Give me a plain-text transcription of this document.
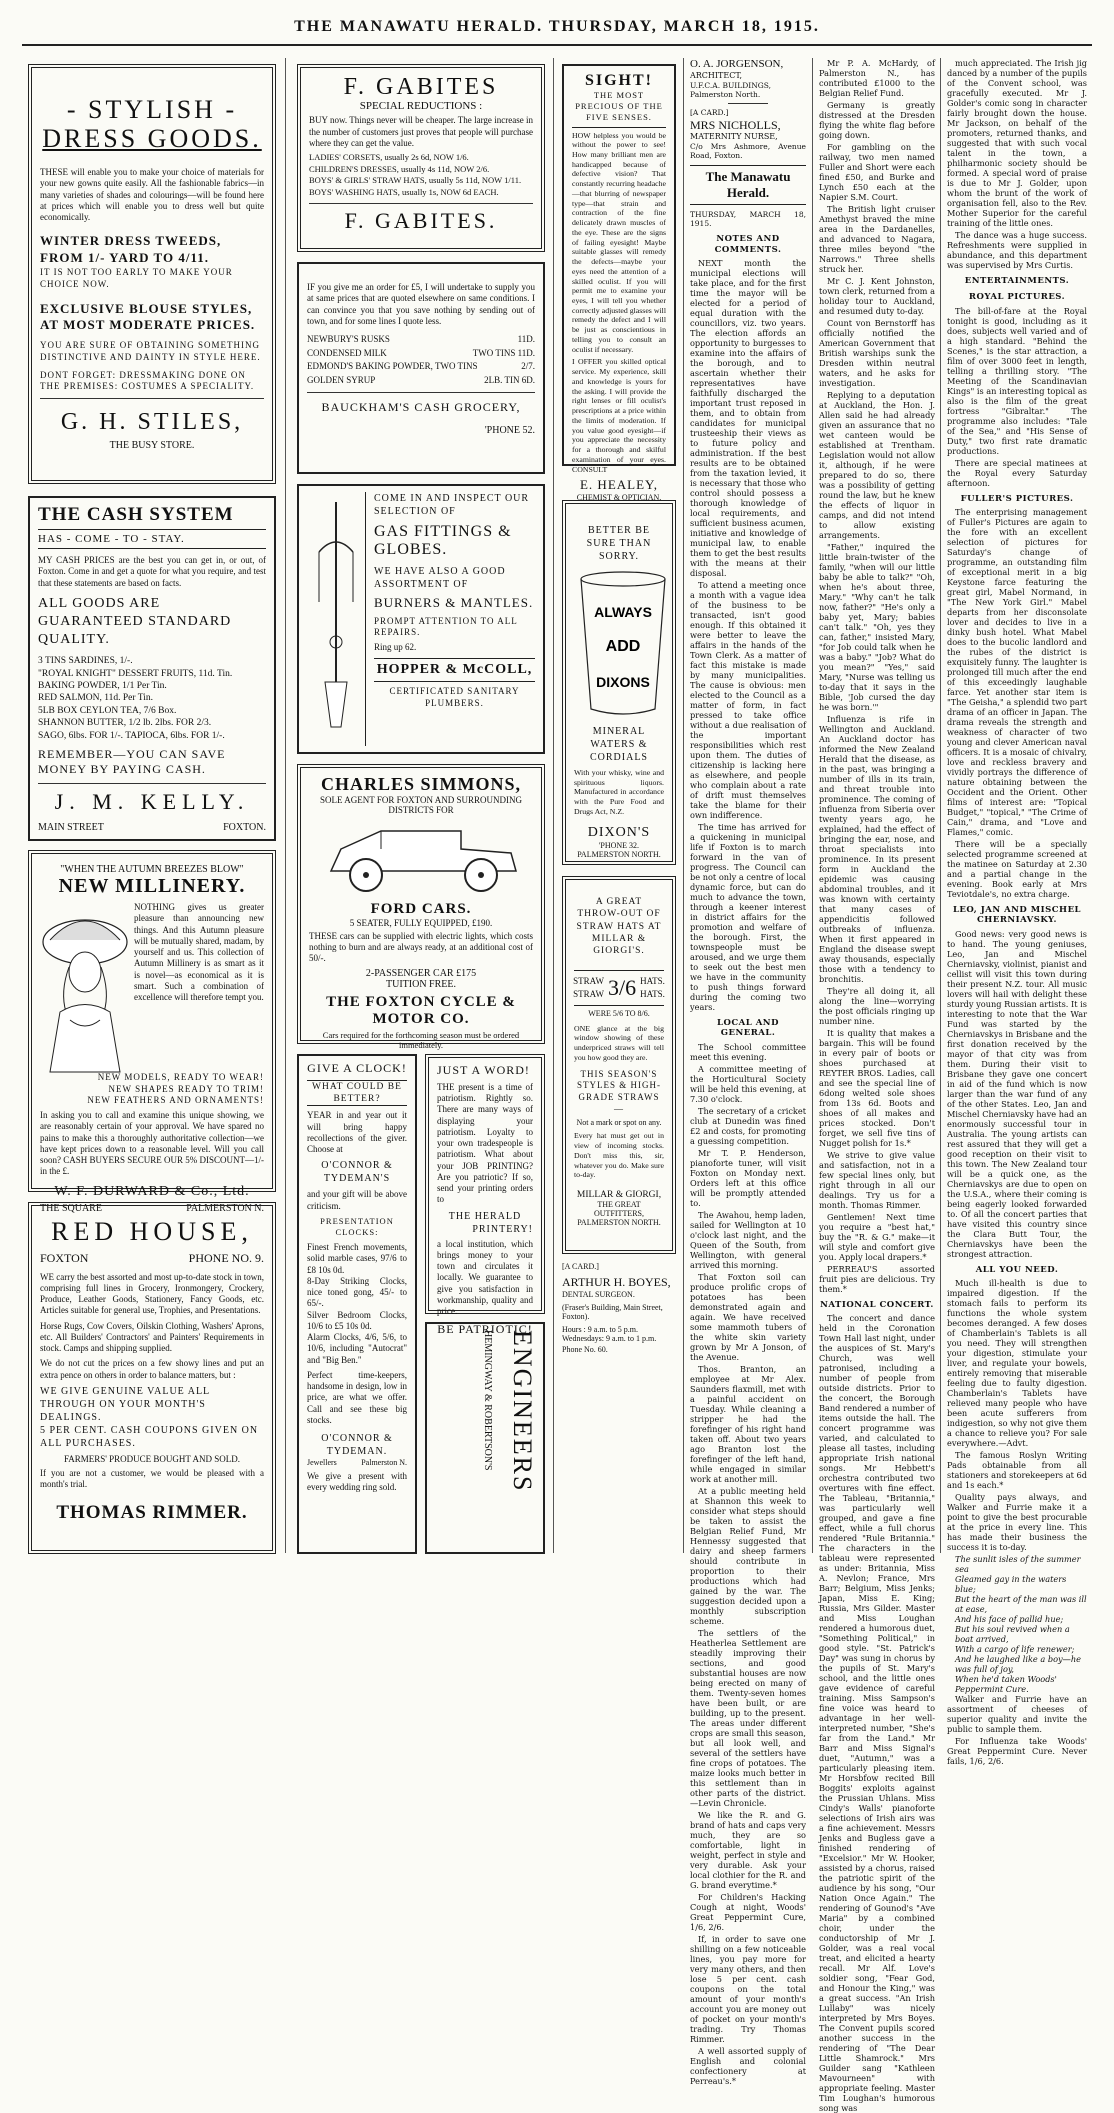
THE MANAWATU HERALD. THURSDAY, MARCH 18, 1915.
- STYLISH -
DRESS GOODS.
THESE will enable you to make your choice of materials for your new gowns quite easily. All the fashionable fabrics—in many varieties of shades and colourings—will be found here at prices which will enable you to dress well but quite economically.
WINTER DRESS TWEEDS, FROM 1/- YARD TO 4/11.
IT IS NOT TOO EARLY TO MAKE YOUR CHOICE NOW.
EXCLUSIVE BLOUSE STYLES, AT MOST MODERATE PRICES.
YOU ARE SURE OF OBTAINING SOMETHING DISTINCTIVE AND DAINTY IN STYLE HERE.
DONT FORGET: DRESSMAKING DONE ON THE PREMISES: COSTUMES A SPECIALITY.
G. H. STILES,
THE BUSY STORE.
THE CASH SYSTEM
HAS - COME - TO - STAY.
MY CASH PRICES are the best you can get in, or out, of Foxton. Come in and get a quote for what you require, and test that these statements are based on facts.
ALL GOODS ARE GUARANTEED STANDARD QUALITY.
3 TINS SARDINES, 1/-.
"ROYAL KNIGHT" DESSERT FRUITS, 11d. Tin.
BAKING POWDER, 1/1 Per Tin.
RED SALMON, 11d. Per Tin.
5LB BOX CEYLON TEA, 7/6 Box.
SHANNON BUTTER, 1/2 lb. 2lbs. FOR 2/3.
SAGO, 6lbs. FOR 1/-. TAPIOCA, 6lbs. FOR 1/-.
REMEMBER—YOU CAN SAVE MONEY BY PAYING CASH.
J. M. KELLY.
MAIN STREET	FOXTON.
"WHEN THE AUTUMN BREEZES BLOW"
NEW MILLINERY.
NOTHING gives us greater pleasure than announcing new things. And this Autumn pleasure will be mutually shared, madam, by yourself and us. This collection of Autumn Millinery is as smart as it is novel—as economical as it is smart. Such a combination of excellence will therefore tempt you.
NEW MODELS, READY TO WEAR!
NEW SHAPES READY TO TRIM!
NEW FEATHERS AND ORNAMENTS!
In asking you to call and examine this unique showing, we are reasonably certain of your approval. We have spared no pains to make this a thoroughly authoritative collection—we have kept prices down to a reasonable level. Will you call soon? CASH BUYERS SECURE OUR 5% DISCOUNT—1/- in the £.
W. F. DURWARD & Co., Ltd.
THE SQUARE	PALMERSTON N.
RED HOUSE,
FOXTON	PHONE NO. 9.
WE carry the best assorted and most up-to-date stock in town, comprising full lines in Grocery, Ironmongery, Crockery, Produce, Leather Goods, Stationery, Fancy Goods, etc. Articles suitable for general use, Trophies, and Presentations.
Horse Rugs, Cow Covers, Oilskin Clothing, Washers' Aprons, etc. All Builders' Contractors' and Painters' Requirements in stock. Camps and shipping supplied.
We do not cut the prices on a few showy lines and put an extra pence on others in order to balance matters, but :
WE GIVE GENUINE VALUE ALL THROUGH ON YOUR MONTH'S DEALINGS.
5 PER CENT. CASH COUPONS GIVEN ON ALL PURCHASES.
FARMERS' PRODUCE BOUGHT AND SOLD.
If you are not a customer, we would be pleased with a month's trial.
THOMAS RIMMER.
F. GABITES
SPECIAL REDUCTIONS :
BUY now. Things never will be cheaper. The large increase in the number of customers just proves that people will purchase where they can get the value.
LADIES' CORSETS, usually 2s 6d, NOW 1/6.
CHILDREN'S DRESSES, usually 4s 11d, NOW 2/6.
BOYS' & GIRLS' STRAW HATS, usually 5s 11d, NOW 1/11.
BOYS' WASHING HATS, usually 1s, NOW 6d EACH.
F. GABITES.
IF you give me an order for £5, I will undertake to supply you at same prices that are quoted elsewhere on same conditions. I can convince you that you save nothing by sending out of town, and for some lines I quote less.
NEWBURY'S RUSKS	11D.
CONDENSED MILK	TWO TINS 11D.
EDMOND'S BAKING POWDER, TWO TINS	2/7.
GOLDEN SYRUP	2LB. TIN 6D.
BAUCKHAM'S CASH GROCERY,
'PHONE 52.
COME IN AND INSPECT OUR SELECTION OF
GAS FITTINGS & GLOBES.
WE HAVE ALSO A GOOD ASSORTMENT OF
BURNERS & MANTLES.
PROMPT ATTENTION TO ALL REPAIRS.
Ring up 62.
HOPPER & McCOLL,
CERTIFICATED SANITARY PLUMBERS.
CHARLES SIMMONS,
SOLE AGENT FOR FOXTON AND SURROUNDING DISTRICTS FOR
FORD CARS.
5 SEATER, FULLY EQUIPPED, £190.
THESE cars can be supplied with electric lights, which costs nothing to burn and are always ready, at an additional cost of 50/-.
2-PASSENGER CAR £175
TUITION FREE.
THE FOXTON CYCLE & MOTOR CO.
Cars required for the forthcoming season must be ordered immediately.
GIVE A CLOCK!
WHAT COULD BE BETTER?
YEAR in and year out it will bring happy recollections of the giver. Choose at
O'CONNOR & TYDEMAN'S
and your gift will be above criticism.
PRESENTATION CLOCKS:
Finest French movements, solid marble cases, 97/6 to £8 10s 0d.
8-Day Striking Clocks, nice toned gong, 45/- to 65/-.
Silver Bedroom Clocks, 10/6 to £5 10s 0d.
Alarm Clocks, 4/6, 5/6, to 10/6, including "Autocrat" and "Big Ben."
Perfect time-keepers, handsome in design, low in price, are what we offer. Call and see these big stocks.
O'CONNOR & TYDEMAN.
Jewellers	Palmerston N.
We give a present with every wedding ring sold.
JUST A WORD!
THE present is a time of patriotism. Rightly so. There are many ways of displaying your patriotism. Loyalty to your own tradespeople is patriotism. What about your JOB PRINTING? Are you patriotic? If so, send your printing orders to
THE HERALD
PRINTERY!
a local institution, which brings money to your town and circulates it locally. We guarantee to give you satisfaction in workmanship, quality and price.
BE PATRIOTIC!
ENGINEERS
HEMINGWAY & ROBERTSON'S
SIGHT!
THE MOST PRECIOUS OF THE FIVE SENSES.
HOW helpless you would be without the power to see! How many brilliant men are handicapped because of defective vision? That constantly recurring headache—that blurring of newspaper type—that strain and contraction of the fine delicately drawn muscles of the eye. These are the signs of failing eyesight! Maybe suitable glasses will remedy the defects—maybe your eyes need the attention of a skilled oculist. If you will permit me to examine your eyes, I will tell you whether correctly adjusted glasses will remedy the defect and I will be just as conscientious in telling you to consult an oculist if necessary.
I OFFER you skilled optical service. My experience, skill and knowledge is yours for the asking. I will provide the right lenses or fill oculist's prescriptions at a price within the limits of moderation. If you value good eyesight—if you appreciate the necessity for a thorough and skilful examination of your eyes. CONSULT
E. HEALEY,
CHEMIST & OPTICIAN.
BETTER BE SURE THAN SORRY.
ALWAYS
ADD
DIXONS
MINERAL WATERS & CORDIALS
With your whisky, wine and spirituous liquors. Manufactured in accordance with the Pure Food and Drugs Act, N.Z.
DIXON'S
'PHONE 32.
PALMERSTON NORTH.
A GREAT THROW-OUT OF STRAW HATS AT MILLAR & GIORGI'S.
STRAW
STRAW 3/6 HATS.
HATS.
WERE 5/6 TO 8/6.
ONE glance at the big window showing of these underpriced straws will tell you how good they are.
THIS SEASON'S STYLES & HIGH-GRADE STRAWS—
Not a mark or spot on any.
Every hat must get out in view of incoming stocks. Don't miss this, sir, whatever you do. Make sure to-day.
MILLAR & GIORGI,
THE GREAT OUTFITTERS,
PALMERSTON NORTH.
[A CARD.]
ARTHUR H. BOYES,
DENTAL SURGEON.
(Fraser's Building, Main Street, Foxton).
Hours : 9 a.m. to 5 p.m. Wednesdays: 9 a.m. to 1 p.m.
Phone No. 60.
O. A. JORGENSON,
ARCHITECT,
U.F.C.A. BUILDINGS,
Palmerston North.
[A CARD.]
MRS NICHOLLS,
MATERNITY NURSE,
C/o Mrs Ashmore, Avenue Road, Foxton.
The Manawatu Herald.
THURSDAY, MARCH 18, 1915.
NOTES AND COMMENTS.

NEXT month the municipal elections will take place, and for the first time the mayor will be elected for a period of equal duration with the councillors, viz. two years. The election affords an opportunity to burgesses to examine into the affairs of the borough, and to ascertain whether their representatives have faithfully discharged the important trust reposed in them, and to obtain from candidates for municipal trusteeship their views as to future policy and administration. If the best results are to be obtained from the taxation levied, it is necessary that those who control should possess a thorough knowledge of local requirements, and sufficient business acumen, initiative and knowledge of municipal law, to enable them to get the best results with the means at their disposal.

To attend a meeting once a month with a vague idea of the business to be transacted, isn't good enough. If this obtained it were better to leave the affairs in the hands of the Town Clerk. As a matter of fact this mistake is made by many municipalities. The cause is obvious: men elected to the Council as a matter of form, in fact pressed to take office without a due realisation of the important responsibilities which rest upon them. The duties of citizenship is lacking here as elsewhere, and people who complain about a rate of drift must themselves take the blame for their own indifference.

The time has arrived for a quickening in municipal life if Foxton is to march forward in the van of progress. The Council can be not only a centre of local dynamic force, but can do much to advance the town, through a keener interest in district affairs for the promotion and welfare of the borough. First, the townspeople must be aroused, and we urge them to seek out the best men we have in the community to push things forward during the coming two years.

LOCAL AND GENERAL.

The School committee meet this evening.

A committee meeting of the Horticultural Society will be held this evening, at 7.30 o'clock.

The secretary of a cricket club at Dunedin was fined £2 and costs, for promoting a guessing competition.

Mr T. P. Henderson, pianoforte tuner, will visit Foxton on Monday next. Orders left at this office will be promptly attended to.

The Awahou, hemp laden, sailed for Wellington at 10 o'clock last night, and the Queen of the South, from Wellington, with general arrived this morning.

That Foxton soil can produce prolific crops of potatoes has been demonstrated again and again. We have received some mammoth tubers of the white skin variety grown by Mr A Jonson, of the Avenue.

Thos. Branton, an employee at Mr Alex. Saunders flaxmill, met with a painful accident on Tuesday. While cleaning a stripper he had the forefinger of his right hand taken off. About two years ago Branton lost the forefinger of the left hand, while engaged in similar work at another mill.

At a public meeting held at Shannon this week to consider what steps should be taken to assist the Belgian Relief Fund, Mr Hennessy suggested that dairy and sheep farmers should contribute in proportion to their productions which had gained by the war. The suggestion decided upon a monthly subscription scheme.

The settlers of the Heatherlea Settlement are steadily improving their sections, and good substantial houses are now being erected on many of them. Twenty-seven homes have been built, or are building, up to the present. The areas under different crops are small this season, but all look well, and several of the settlers have fine crops of potatoes. The maize looks much better in this settlement than in other parts of the district.—Levin Chronicle.

We like the R. and G. brand of hats and caps very much, they are so comfortable, light in weight, perfect in style and very durable. Ask your local clothier for the R. and G. brand everytime.*

For Children's Hacking Cough at night, Woods' Great Peppermint Cure, 1/6, 2/6.

If, in order to save one shilling on a few noticeable lines, you pay more for very many others, and then lose 5 per cent. cash coupons on the total amount of your month's account you are money out of pocket on your month's trading. Try Thomas Rimmer.

A well assorted supply of English and colonial confectionery at Perreau's.*

Mr P. A. McHardy, of Palmerston N., has contributed £1000 to the Belgian Relief Fund.

Germany is greatly distressed at the Dresden flying the white flag before going down.

For gambling on the railway, two men named Fuller and Short were each fined £50, and Burke and Lynch £50 each at the Napier S.M. Court.

The British light cruiser Amethyst braved the mine area in the Dardanelles, and advanced to Nagara, three miles beyond "the Narrows." Three shells struck her.

Mr C. J. Kent Johnston, town clerk, returned from a holiday tour to Auckland, and resumed duty to-day.

Count von Bernstorff has officially notified the American Government that British warships sunk the Dresden within neutral waters, and he asks for investigation.

Replying to a deputation at Auckland, the Hon. J. Allen said he had already given an assurance that no wet canteen would be established at Trentham. Legislation would not allow it, although, if he were prepared to do so, there was a possibility of getting round the law, but he knew the effects of liquor in camps, and did not intend to allow existing arrangements.

"Father," inquired the little brain-twister of the family, "when will our little baby be able to talk?" "Oh, when he's about three, Mary." "Why can't he talk now, father?" "He's only a baby yet, Mary; babies can't talk." "Oh, yes they can, father," insisted Mary, "for Job could talk when he was a baby." "Job? What do you mean?" "Yes," said Mary, "Nurse was telling us to-day that it says in the Bible, 'Job cursed the day he was born.'"

Influenza is rife in Wellington and Auckland. An Auckland doctor has informed the New Zealand Herald that the disease, as in the past, was bringing a number of ills in its train, and threat trouble into prominence. The coming of influenza from Siberia over twenty years ago, he explained, had the effect of bringing the ear, nose, and throat specialists into prominence. In its present form in Auckland the epidemic was causing abdominal troubles, and it was known with certainty that many cases of appendicitis followed outbreaks of influenza. When it first appeared in England the disease swept away thousands, especially those with a tendency to bronchitis.

They're all doing it, all along the line—worrying the post officials ringing up number nine.

It is quality that makes a bargain. This will be found in every pair of boots or shoes purchased at REYTER BROS. Ladies, call and see the special line of 6dong welted sole shoes from 13s 6d. Boots and shoes of all makes and prices stocked. Don't forget, we sell five tins of Nugget polish for 1s.*

We strive to give value and satisfaction, not in a few special lines only, but right through in all our dealings. Try us for a month. Thomas Rimmer.

Gentlemen! Next time you require a "best hat," buy the "R. & G." make—it will style and comfort give you. Apply local drapers.*

PERREAU'S assorted fruit pies are delicious. Try them.*

NATIONAL CONCERT.

The concert and dance held in the Coronation Town Hall last night, under the auspices of St. Mary's Church, was well patronised, including a number of people from outside districts. Prior to the concert, the Borough Band rendered a number of items outside the hall. The concert programme was varied, and calculated to please all tastes, including appropriate Irish national songs. Mr Hebbett's orchestra contributed two overtures with fine effect. The Tableau, "Britannia," was particularly well grouped, and gave a fine effect, while a full chorus rendered "Rule Britannia." The characters in the tableau were represented as under: Britannia, Miss A. Nevlon; France, Mrs Barr; Belgium, Miss Jenks; Japan, Miss E. King; Russia, Mrs Gilder. Master and Miss Loughan rendered a humorous duet, "Something Political," in good style. "St. Patrick's Day" was sung in chorus by the pupils of St. Mary's school, and the little ones gave evidence of careful training. Miss Sampson's fine voice was heard to advantage in her well-interpreted number, "She's far from the Land." Mr Barr and Miss Signal's duet, "Autumn," was a particularly pleasing item. Mr Horsbfow recited Bill Boggits' exploits against the Prussian Uhlans. Miss Cindy's Walls' pianoforte selections of Irish airs was a fine achievement. Messrs Jenks and Bugless gave a finished rendering of "Excelsior." Mr W. Hooker, assisted by a chorus, raised the patriotic spirit of the audience by his song, "Our Nation Once Again." The rendering of Gounod's "Ave Maria" by a combined choir, under the conductorship of Mr J. Golder, was a real vocal treat, and elicited a hearty recall. Mr Alf. Love's soldier song, "Fear God, and Honour the King," was a great success. "An Irish Lullaby" was nicely interpreted by Mrs Boyes. The Convent pupils scored another success in the rendering of "The Dear Little Shamrock." Mrs Guilder sang "Kathleen Mavourneen" with appropriate feeling. Master Tim Loughan's humorous song was

much appreciated. The Irish jig danced by a number of the pupils of the Convent school, was gracefully executed. Mr J. Golder's comic song in character fairly brought down the house. Mr Jackson, on behalf of the promoters, returned thanks, and suggested that with such vocal talent in the town, a philharmonic society should be formed. A special word of praise is due to Mr J. Golder, upon whom the brunt of the work of organisation fell, also to the Rev. Mother Superior for the careful training of the little ones.

The dance was a huge success. Refreshments were supplied in abundance, and this department was supervised by Mrs Curtis.

ENTERTAINMENTS.
ROYAL PICTURES.

The bill-of-fare at the Royal tonight is good, including as it does, subjects well varied and of a high standard. "Behind the Scenes," is the star attraction, a film of over 3000 feet in length, telling a thrilling story. "The Meeting of the Scandinavian Kings" is an interesting topical as also is the film of the great fortress "Gibraltar." The programme also includes: "Tale of the Sea," and "His Sense of Duty," two first rate dramatic productions.

There are special matinees at the Royal every Saturday afternoon.

FULLER'S PICTURES.

The enterprising management of Fuller's Pictures are again to the fore with an excellent selection of pictures for Saturday's change of programme, an outstanding film of exceptional merit in a big Keystone farce featuring the great girl, Mabel Normand, in "The New York Girl." Mabel departs from her disconsolate lover and decides to live in a dinky bush hotel. What Mabel does to the bucolic landlord and the rubes of the district is exquisitely funny. The laughter is prolonged till much after the end of this exceedingly laughable farce. Yet another star item is "The Geisha," a splendid two part drama of an officer in Japan. The drama reveals the strength and weakness of character of two young and clever American naval officers. It is a mosaic of chivalry, love and reckless bravery and vividly portrays the difference of nature obtaining between the Occident and the Orient. Other films of interest are: "Topical Budget," "topical," "The Crime of Cain," drama, and "Love and Flames," comic.

There will be a specially selected programme screened at the matinee on Saturday at 2.30 and a partial change in the evening. Book early at Mrs Teviotdale's, no extra charge.

LEO, JAN AND MISCHEL CHERNIAVSKY.

Good news: very good news is to hand. The young geniuses, Leo, Jan and Mischel Cherniavsky, violinist, pianist and cellist will visit this town during their present N.Z. tour. All music lovers will hail with delight these sturdy young Russian artists. It is interesting to note that the War Fund was started by the Cherniavskys in Brisbane and the first donation received by the mayor of that city was from them. During their visit to Brisbane they gave one concert in aid of the fund which is now larger than the war fund of any of the other States. Leo, Jan and Mischel Cherniavsky have had an enormously successful tour in Australia. The young artists can rest assured that they will get a good reception on their visit to this town. The New Zealand tour will be a quick one, as the Cherniavskys are due to open on the U.S.A., where their coming is being eagerly looked forwarded to. Of all the concert parties that have visited this country since the Clara Butt Tour, the Cherniavskys have been the strongest attraction.

ALL YOU NEED.

Much ill-health is due to impaired digestion. If the stomach fails to perform its functions the whole system becomes deranged. A few doses of Chamberlain's Tablets is all you need. They will strengthen your digestion, stimulate your liver, and regulate your bowels, entirely removing that miserable feeling due to faulty digestion. Chamberlain's Tablets have relieved many people who have been acute sufferers from indigestion, so why not give them a chance to relieve you? For sale everywhere.—Advt.

The famous Roslyn Writing Pads obtainable from all stationers and storekeepers at 6d and 1s each.*

Quality pays always, and Walker and Furrie make it a point to give the best procurable at the price in every line. This has made their business the success it is to-day.

The sunlit isles of the summer sea
Gleamed gay in the waters blue;
But the heart of the man was ill at ease,
And his face of pallid hue;
But his soul revived when a boat arrived,
With a cargo of life renewer;
And he laughed like a boy—he was full of joy,
When he'd taken Woods' Peppermint Cure.

Walker and Furrie have an assortment of cheeses of superior quality and invite the public to sample them.

For Influenza take Woods' Great Peppermint Cure. Never fails, 1/6, 2/6.
